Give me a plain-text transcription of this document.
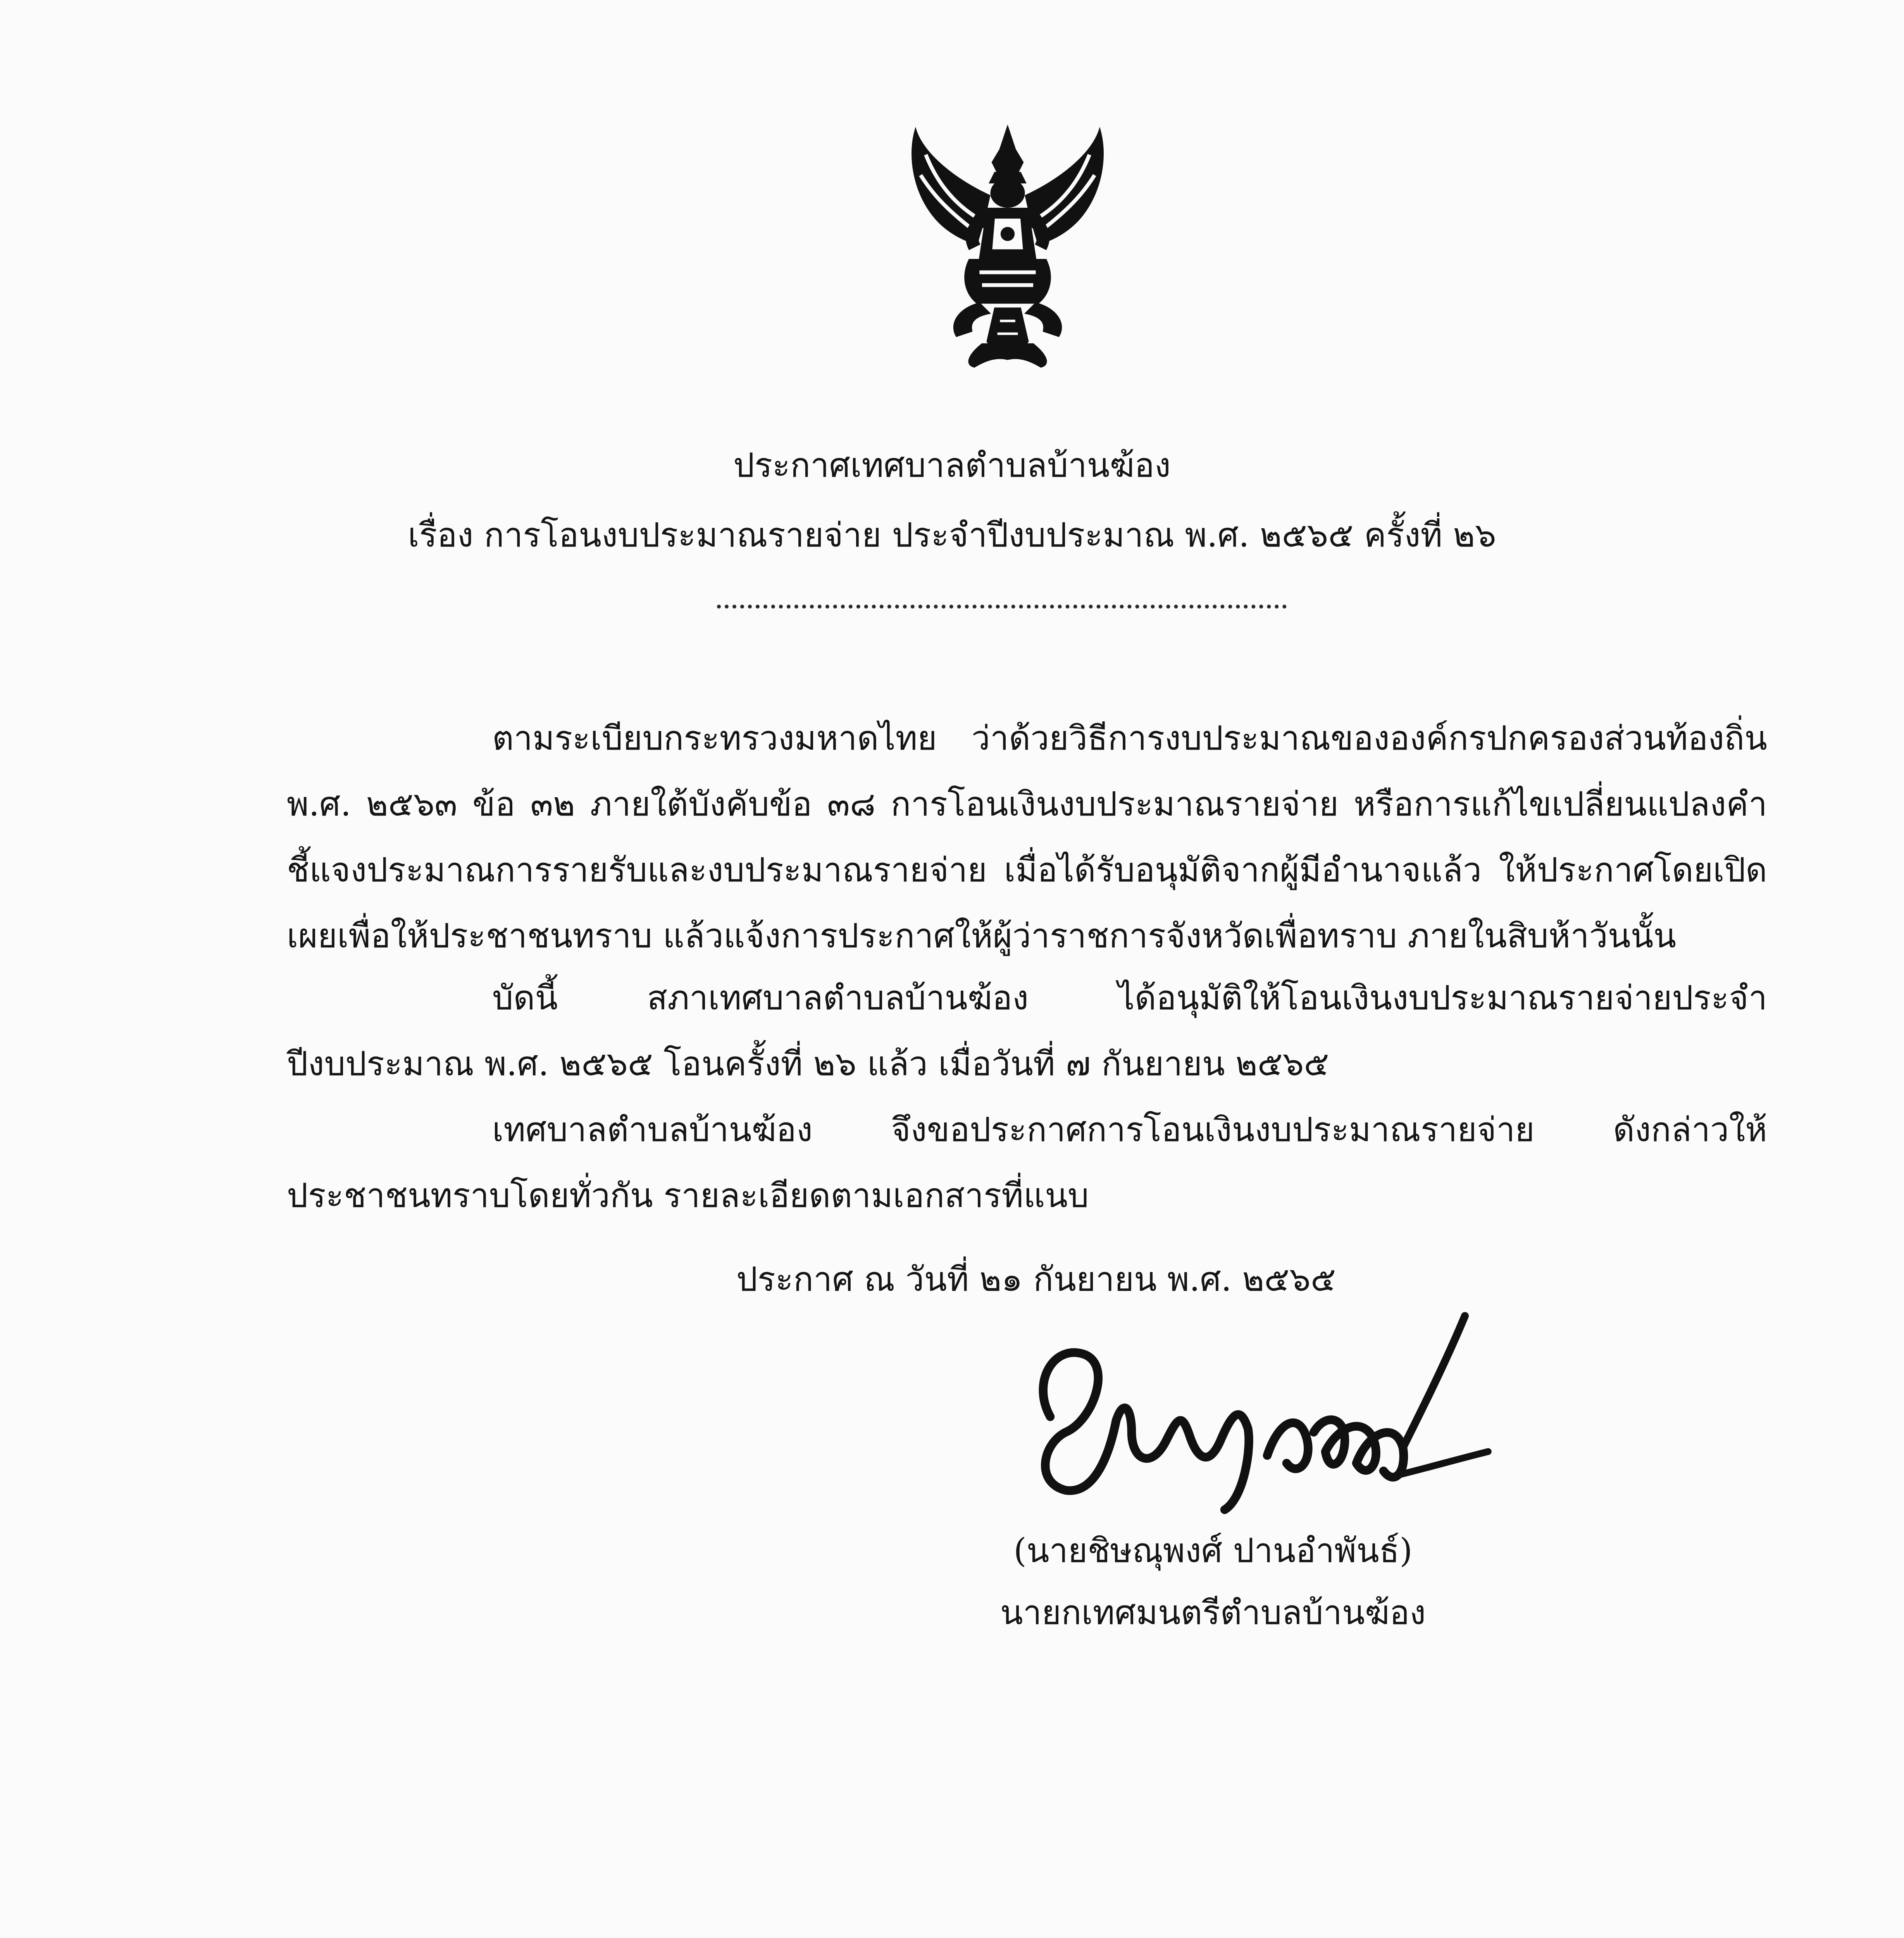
ประกาศเทศบาลตำบลบ้านฆ้อง
เรื่อง การโอนงบประมาณรายจ่าย ประจำปีงบประมาณ พ.ศ. ๒๕๖๕ ครั้งที่ ๒๖

ตามระเบียบกระทรวงมหาดไทย ว่าด้วยวิธีการงบประมาณขององค์กรปกครองส่วนท้องถิ่น พ.ศ. ๒๕๖๓ ข้อ ๓๒ ภายใต้บังคับข้อ ๓๘ การโอนเงินงบประมาณรายจ่าย หรือการแก้ไขเปลี่ยนแปลงคำชี้แจงประมาณการรายรับและงบประมาณรายจ่าย เมื่อได้รับอนุมัติจากผู้มีอำนาจแล้ว ให้ประกาศโดยเปิดเผยเพื่อให้ประชาชนทราบ แล้วแจ้งการประกาศให้ผู้ว่าราชการจังหวัดเพื่อทราบ ภายในสิบห้าวันนั้น

บัดนี้ สภาเทศบาลตำบลบ้านฆ้อง ได้อนุมัติให้โอนเงินงบประมาณรายจ่ายประจำปีงบประมาณ พ.ศ. ๒๕๖๕ โอนครั้งที่ ๒๖ แล้ว เมื่อวันที่ ๗ กันยายน ๒๕๖๕

เทศบาลตำบลบ้านฆ้อง จึงขอประกาศการโอนเงินงบประมาณรายจ่าย ดังกล่าวให้ประชาชนทราบโดยทั่วกัน รายละเอียดตามเอกสารที่แนบ

ประกาศ ณ วันที่ ๒๑ กันยายน พ.ศ. ๒๕๖๕
(นายชิษณุพงศ์ ปานอำพันธ์)
นายกเทศมนตรีตำบลบ้านฆ้อง
